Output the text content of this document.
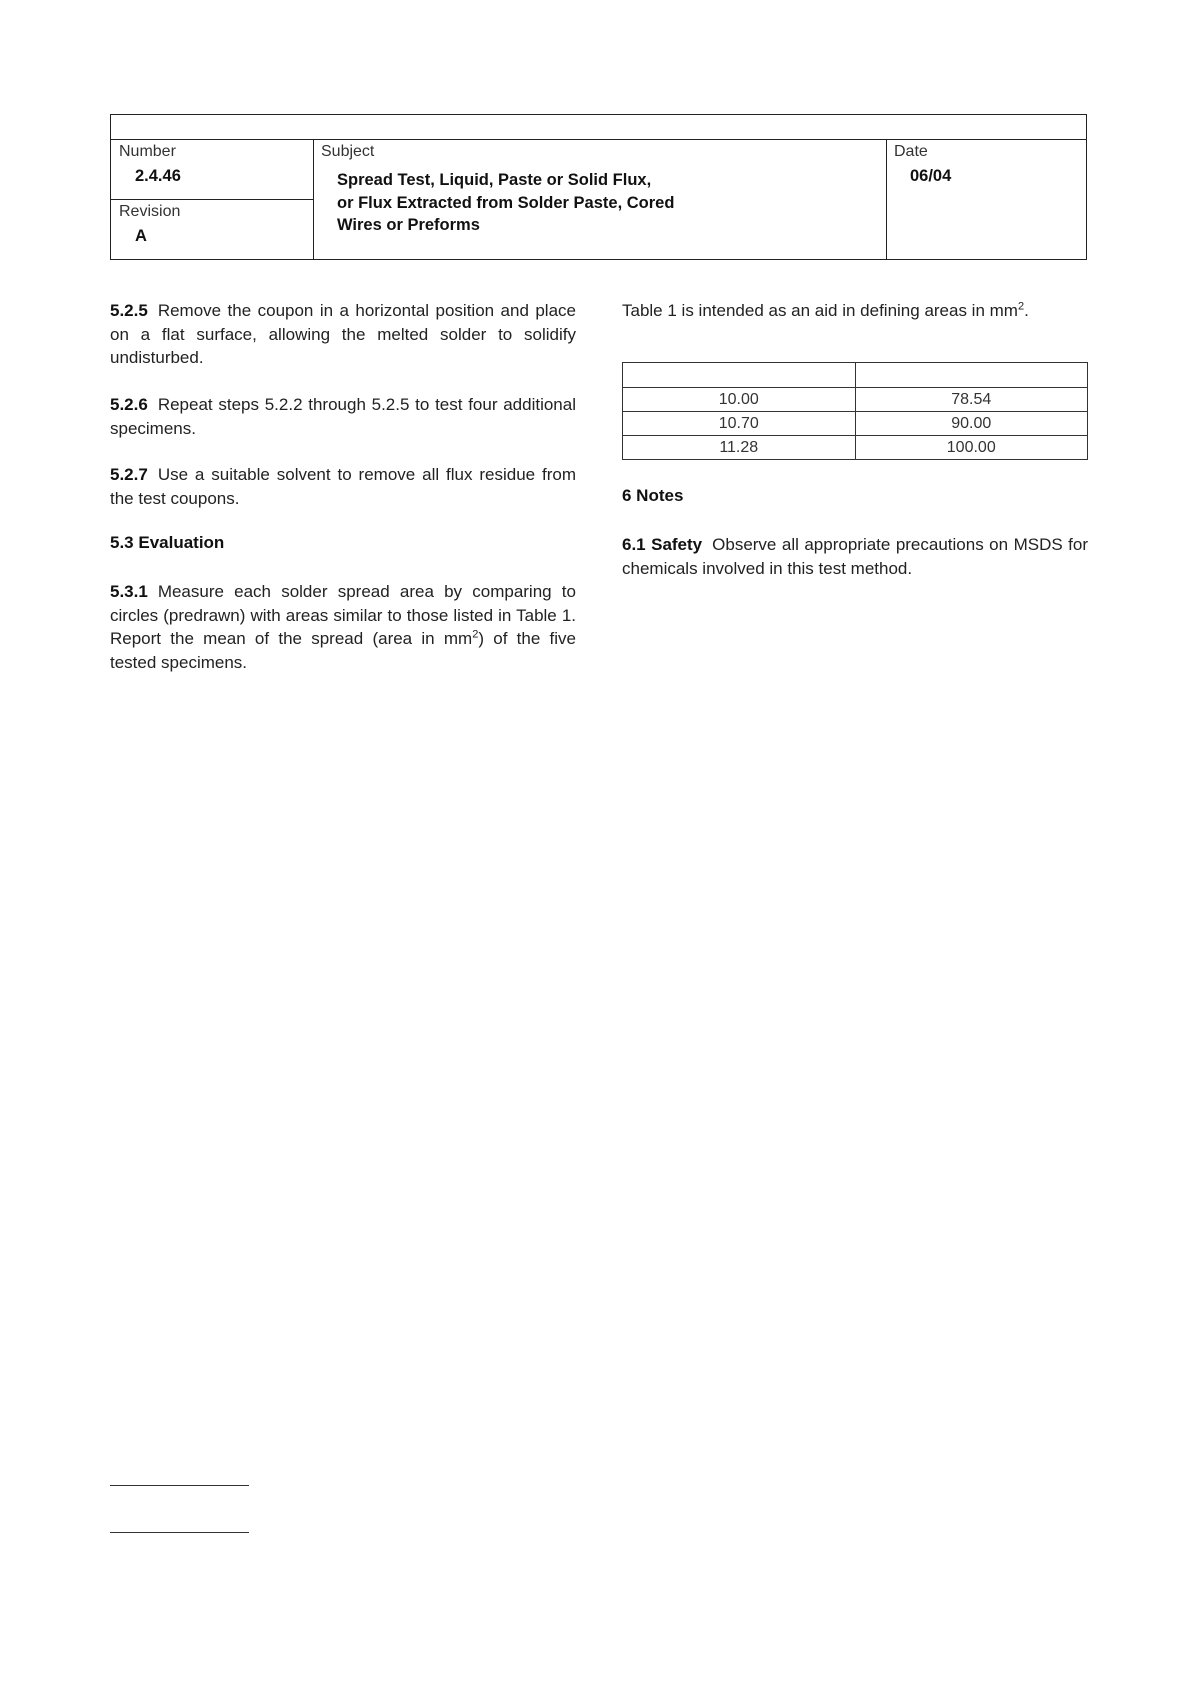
Number
2.4.46
Revision
A
Subject
Spread Test, Liquid, Paste or Solid Flux,
or Flux Extracted from Solder Paste, Cored
Wires or Preforms
Date
06/04

5.2.5 Remove the coupon in a horizontal position and place on a flat surface, allowing the melted solder to solidify undisturbed.

5.2.6 Repeat steps 5.2.2 through 5.2.5 to test four additional specimens.

5.2.7 Use a suitable solvent to remove all flux residue from the test coupons.

5.3 Evaluation

5.3.1 Measure each solder spread area by comparing to circles (predrawn) with areas similar to those listed in Table 1. Report the mean of the spread (area in $mm^2$) of the five tested specimens.

Table 1 is intended as an aid in defining areas in $mm^2$.

10.00	78.54
10.70	90.00
11.28	100.00

6 Notes

6.1 Safety Observe all appropriate precautions on MSDS for chemicals involved in this test method.
